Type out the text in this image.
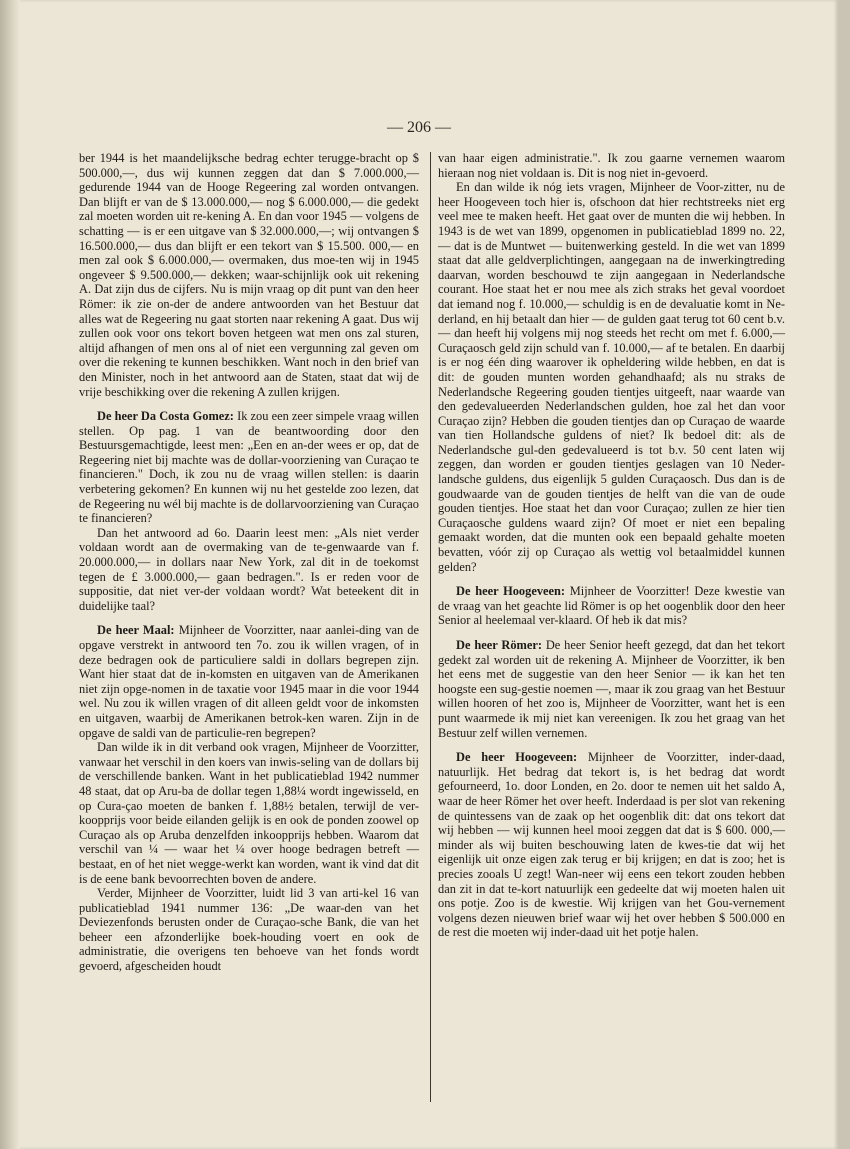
— 206 —

ber 1944 is het maandelijksche bedrag echter terugge-bracht op $ 500.000,—, dus wij kunnen zeggen dat dan $ 7.000.000,— gedurende 1944 van de Hooge Regeering zal worden ontvangen. Dan blijft er van de $ 13.000.000,— nog $ 6.000.000,— die gedekt zal moeten worden uit re-kening A. En dan voor 1945 — volgens de schatting — is er een uitgave van $ 32.000.000,—; wij ontvangen $ 16.500.000,— dus dan blijft er een tekort van $ 15.500. 000,— en men zal ook $ 6.000.000,— overmaken, dus moe-ten wij in 1945 ongeveer $ 9.500.000,— dekken; waar-schijnlijk ook uit rekening A. Dat zijn dus de cijfers. Nu is mijn vraag op dit punt van den heer Römer: ik zie on-der de andere antwoorden van het Bestuur dat alles wat de Regeering nu gaat storten naar rekening A gaat. Dus wij zullen ook voor ons tekort boven hetgeen wat men ons zal sturen, altijd afhangen of men ons al of niet een vergunning zal geven om over die rekening te kunnen beschikken. Want noch in den brief van den Minister, noch in het antwoord aan de Staten, staat dat wij de vrije beschikking over die rekening A zullen krijgen.

De heer Da Costa Gomez: Ik zou een zeer simpele vraag willen stellen. Op pag. 1 van de beantwoording door den Bestuursgemachtigde, leest men: „Een en an-der wees er op, dat de Regeering niet bij machte was de dollar-voorziening van Curaçao te financieren." Doch, ik zou nu de vraag willen stellen: is daarin verbetering gekomen? En kunnen wij nu het gestelde zoo lezen, dat de Regeering nu wél bij machte is de dollarvoorziening van Curaçao te financieren?

Dan het antwoord ad 6o. Daarin leest men: „Als niet verder voldaan wordt aan de overmaking van de te-genwaarde van f. 20.000.000,— in dollars naar New York, zal dit in de toekomst tegen de £ 3.000.000,— gaan bedragen.". Is er reden voor de suppositie, dat niet ver-der voldaan wordt? Wat beteekent dit in duidelijke taal?

De heer Maal: Mijnheer de Voorzitter, naar aanlei-ding van de opgave verstrekt in antwoord ten 7o. zou ik willen vragen, of in deze bedragen ook de particuliere saldi in dollars begrepen zijn. Want hier staat dat de in-komsten en uitgaven van de Amerikanen niet zijn opge-nomen in de taxatie voor 1945 maar in die voor 1944 wel. Nu zou ik willen vragen of dit alleen geldt voor de inkomsten en uitgaven, waarbij de Amerikanen betrok-ken waren. Zijn in de opgave de saldi van de particulie-ren begrepen?

Dan wilde ik in dit verband ook vragen, Mijnheer de Voorzitter, vanwaar het verschil in den koers van inwis-seling van de dollars bij de verschillende banken. Want in het publicatieblad 1942 nummer 48 staat, dat op Aru-ba de dollar tegen 1,88¼ wordt ingewisseld, en op Cura-çao moeten de banken f. 1,88½ betalen, terwijl de ver-koopprijs voor beide eilanden gelijk is en ook de ponden zoowel op Curaçao als op Aruba denzelfden inkoopprijs hebben. Waarom dat verschil van ¼ — waar het ¼ over hooge bedragen betreft — bestaat, en of het niet wegge-werkt kan worden, want ik vind dat dit is de eene bank bevoorrechten boven de andere.

Verder, Mijnheer de Voorzitter, luidt lid 3 van arti-kel 16 van publicatieblad 1941 nummer 136: „De waar-den van het Deviezenfonds berusten onder de Curaçao-sche Bank, die van het beheer een afzonderlijke boek-houding voert en ook de administratie, die overigens ten behoeve van het fonds wordt gevoerd, afgescheiden houdt

van haar eigen administratie.". Ik zou gaarne vernemen waarom hieraan nog niet voldaan is. Dit is nog niet in-gevoerd.

En dan wilde ik nóg iets vragen, Mijnheer de Voor-zitter, nu de heer Hoogeveen toch hier is, ofschoon dat hier rechtstreeks niet erg veel mee te maken heeft. Het gaat over de munten die wij hebben. In 1943 is de wet van 1899, opgenomen in publicatieblad 1899 no. 22, — dat is de Muntwet — buitenwerking gesteld. In die wet van 1899 staat dat alle geldverplichtingen, aangegaan na de inwerkingtreding daarvan, worden beschouwd te zijn aangegaan in Nederlandsche courant. Hoe staat het er nou mee als zich straks het geval voordoet dat iemand nog f. 10.000,— schuldig is en de devaluatie komt in Ne-derland, en hij betaalt dan hier — de gulden gaat terug tot 60 cent b.v. — dan heeft hij volgens mij nog steeds het recht om met f. 6.000,— Curaçaosch geld zijn schuld van f. 10.000,— af te betalen. En daarbij is er nog één ding waarover ik opheldering wilde hebben, en dat is dit: de gouden munten worden gehandhaafd; als nu straks de Nederlandsche Regeering gouden tientjes uitgeeft, naar waarde van den gedevalueerden Nederlandschen gulden, hoe zal het dan voor Curaçao zijn? Hebben die gouden tientjes dan op Curaçao de waarde van tien Hollandsche guldens of niet? Ik bedoel dit: als de Nederlandsche gul-den gedevalueerd is tot b.v. 50 cent laten wij zeggen, dan worden er gouden tientjes geslagen van 10 Neder-landsche guldens, dus eigenlijk 5 gulden Curaçaosch. Dus dan is de goudwaarde van de gouden tientjes de helft van die van de oude gouden tientjes. Hoe staat het dan voor Curaçao; zullen ze hier tien Curaçaosche guldens waard zijn? Of moet er niet een bepaling gemaakt worden, dat die munten ook een bepaald gehalte moeten bevatten, vóór zij op Curaçao als wettig vol betaalmiddel kunnen gelden?

De heer Hoogeveen: Mijnheer de Voorzitter! Deze kwestie van de vraag van het geachte lid Römer is op het oogenblik door den heer Senior al heelemaal ver-klaard. Of heb ik dat mis?

De heer Römer: De heer Senior heeft gezegd, dat dan het tekort gedekt zal worden uit de rekening A. Mijnheer de Voorzitter, ik ben het eens met de suggestie van den heer Senior — ik kan het ten hoogste een sug-gestie noemen —, maar ik zou graag van het Bestuur willen hooren of het zoo is, Mijnheer de Voorzitter, want het is een punt waarmede ik mij niet kan vereenigen. Ik zou het graag van het Bestuur zelf willen vernemen.

De heer Hoogeveen: Mijnheer de Voorzitter, inder-daad, natuurlijk. Het bedrag dat tekort is, is het bedrag dat wordt gefourneerd, 1o. door Londen, en 2o. door te nemen uit het saldo A, waar de heer Römer het over heeft. Inderdaad is per slot van rekening de quintessens van de zaak op het oogenblik dit: dat ons tekort dat wij hebben — wij kunnen heel mooi zeggen dat dat is $ 600. 000,— minder als wij buiten beschouwing laten de kwes-tie dat wij het eigenlijk uit onze eigen zak terug er bij krijgen; en dat is zoo; het is precies zooals U zegt! Wan-neer wij eens een tekort zouden hebben dan zit in dat te-kort natuurlijk een gedeelte dat wij moeten halen uit ons potje. Zoo is de kwestie. Wij krijgen van het Gou-vernement volgens dezen nieuwen brief waar wij het over hebben $ 500.000 en de rest die moeten wij inder-daad uit het potje halen.
